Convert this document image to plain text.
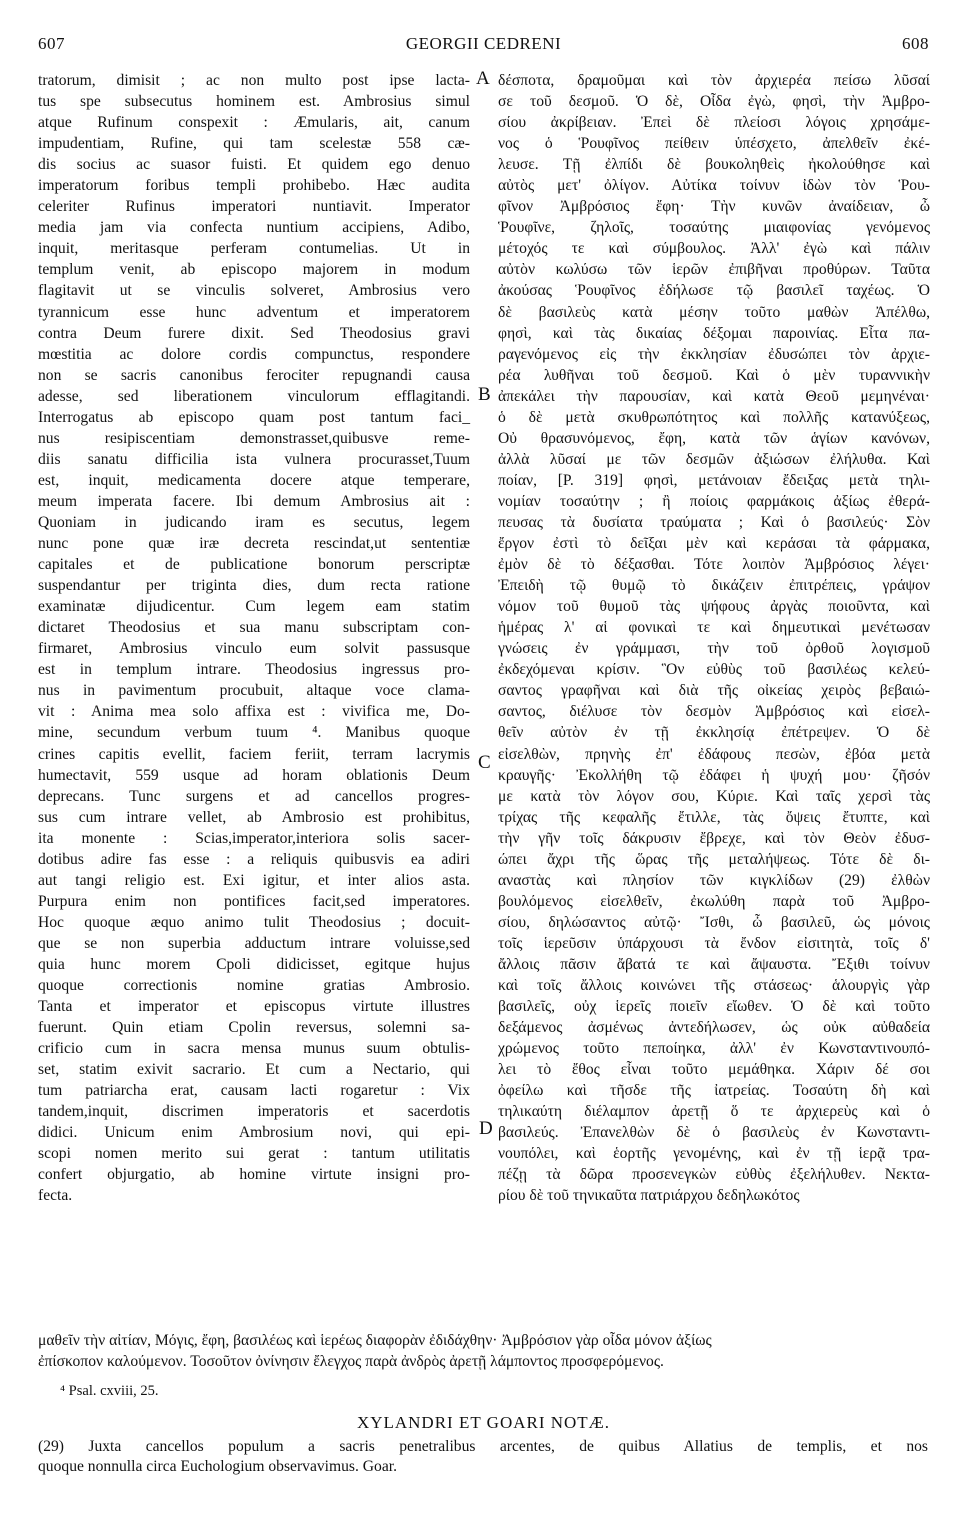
607	GEORGII CEDRENI	608
tratorum, dimisit ; ac non multo post ipse lacta-
tus spe subsecutus hominem est. Ambrosius simul
atque Rufinum conspexit : Æmularis, ait, canum
impudentiam, Rufine, qui tam scelestæ 558 cæ-
dis socius ac suasor fuisti. Et quidem ego denuo
imperatorum foribus templi prohibebo. Hæc audita
celeriter Rufinus imperatori nuntiavit. Imperator
media jam via confecta nuntium accipiens, Adibo,
inquit, meritasque perferam contumelias. Ut in
templum venit, ab episcopo majorem in modum
flagitavit ut se vinculis solveret, Ambrosius vero
tyrannicum esse hunc adventum et imperatorem
contra Deum furere dixit. Sed Theodosius gravi
mœstitia ac dolore cordis compunctus, respondere
non se sacris canonibus ferociter repugnandi causa
adesse, sed liberationem vinculorum efflagitandi.
Interrogatus ab episcopo quam post tantum faci_
nus resipiscentiam demonstrasset,quibusve reme-
diis sanatu difficilia ista vulnera procurasset,Tuum
est, inquit, medicamenta docere atque temperare,
meum imperata facere. Ibi demum Ambrosius ait :
Quoniam in judicando iram es secutus, legem
nunc pone quæ iræ decreta rescindat,ut sententiæ
capitales et de publicatione bonorum perscriptæ
suspendantur per triginta dies, dum recta ratione
examinatæ dijudicentur. Cum legem eam statim
dictaret Theodosius et sua manu subscriptam con-
firmaret, Ambrosius vinculo eum solvit passusque
est in templum intrare. Theodosius ingressus pro-
nus in pavimentum procubuit, altaque voce clama-
vit : Anima mea solo affixa est : vivifica me, Do-
mine, secundum verbum tuum ⁴. Manibus quoque
crines capitis evellit, faciem feriit, terram lacrymis
humectavit, 559 usque ad horam oblationis Deum
deprecans. Tunc surgens et ad cancellos progres-
sus cum intrare vellet, ab Ambrosio est prohibitus,
ita monente : Scias,imperator,interiora solis sacer-
dotibus adire fas esse : a reliquis quibusvis ea adiri
aut tangi religio est. Exi igitur, et inter alios asta.
Purpura enim non pontifices facit,sed imperatores.
Hoc quoque æquo animo tulit Theodosius ; docuit-
que se non superbia adductum intrare voluisse,sed
quia hunc morem Cpoli didicisset, egitque hujus
quoque correctionis nomine gratias Ambrosio.
Tanta et imperator et episcopus virtute illustres
fuerunt. Quin etiam Cpolin reversus, solemni sa-
crificio cum in sacra mensa munus suum obtulis-
set, statim exivit sacrario. Et cum a Nectario, qui
tum patriarcha erat, causam lacti rogaretur : Vix
tandem,inquit, discrimen imperatoris et sacerdotis
didici. Unicum enim Ambrosium novi, qui epi-
scopi nomen merito sui gerat : tantum utilitatis
confert objurgatio, ab homine virtute insigni pro-
fecta.
δέσποτα, δραμοῦμαι καὶ τὸν ἀρχιερέα πείσω λῦσαί
σε τοῦ δεσμοῦ. Ὁ δὲ, Οἶδα ἐγὼ, φησὶ, τὴν Ἀμβρο-
σίου ἀκρίβειαν. Ἐπεὶ δὲ πλείοσι λόγοις χρησάμε-
νος ὁ Ῥουφῖνος πείθειν ὑπέσχετο, ἀπελθεῖν ἐκέ-
λευσε. Τῇ ἐλπίδι δὲ βουκοληθεὶς ἠκολούθησε καὶ
αὐτὸς μετ' ὀλίγον. Αὐτίκα τοίνυν ἰδὼν τὸν Ῥου-
φῖνον Ἀμβρόσιος ἔφη· Τὴν κυνῶν ἀναίδειαν, ὦ
Ῥουφῖνε, ζηλοῖς, τοσαύτης μιαιφονίας γενόμενος
μέτοχός τε καὶ σύμβουλος. Ἀλλ' ἐγὼ καὶ πάλιν
αὐτὸν κωλύσω τῶν ἱερῶν ἐπιβῆναι προθύρων. Ταῦτα
ἀκούσας Ῥουφῖνος ἐδήλωσε τῷ βασιλεῖ ταχέως. Ὁ
δὲ βασιλεὺς κατὰ μέσην τοῦτο μαθὼν Ἀπέλθω,
φησὶ, καὶ τὰς δικαίας δέξομαι παροινίας. Εἶτα πα-
ραγενόμενος εἰς τὴν ἐκκλησίαν ἐδυσώπει τὸν ἀρχιε-
ρέα λυθῆναι τοῦ δεσμοῦ. Καὶ ὁ μὲν τυραννικὴν
ἀπεκάλει τὴν παρουσίαν, καὶ κατὰ Θεοῦ μεμηνέναι·
ὁ δὲ μετὰ σκυθρωπότητος καὶ πολλῆς κατανύξεως,
Οὐ θρασυνόμενος, ἔφη, κατὰ τῶν ἁγίων κανόνων,
ἀλλὰ λῦσαί με τῶν δεσμῶν ἀξιώσων ἐλήλυθα. Καὶ
ποίαν, [P. 319] φησὶ, μετάνοιαν ἔδειξας μετὰ τηλι-
νομίαν τοσαύτην ; ἢ ποίοις φαρμάκοις ἀξίως ἐθερά-
πευσας τὰ δυσίατα τραύματα ; Καὶ ὁ βασιλεύς· Σὸν
ἔργον ἐστὶ τὸ δεῖξαι μὲν καὶ κεράσαι τὰ φάρμακα,
ἐμὸν δὲ τὸ δέξασθαι. Τότε λοιπὸν Ἀμβρόσιος λέγει·
Ἐπειδὴ τῷ θυμῷ τὸ δικάζειν ἐπιτρέπεις, γράψον
νόμον τοῦ θυμοῦ τὰς ψήφους ἀργὰς ποιοῦντα, καὶ
ἡμέρας λ' αἱ φονικαὶ τε καὶ δημευτικαὶ μενέτωσαν
γνώσεις ἐν γράμμασι, τὴν τοῦ ὀρθοῦ λογισμοῦ
ἐκδεχόμεναι κρίσιν. Ὃν εὐθὺς τοῦ βασιλέως κελεύ-
σαντος γραφῆναι καὶ διὰ τῆς οἰκείας χειρὸς βεβαιώ-
σαντος, διέλυσε τὸν δεσμὸν Ἀμβρόσιος καὶ εἰσελ-
θεῖν αὐτὸν ἐν τῇ ἐκκλησίᾳ ἐπέτρεψεν. Ὁ δὲ
εἰσελθὼν, πρηνὴς ἐπ' ἐδάφους πεσὼν, ἐβόα μετὰ
κραυγῆς· Ἐκολλήθη τῷ ἐδάφει ἡ ψυχή μου· ζῆσόν
με κατὰ τὸν λόγον σου, Κύριε. Καὶ ταῖς χερσὶ τὰς
τρίχας τῆς κεφαλῆς ἔτιλλε, τὰς ὄψεις ἔτυπτε, καὶ
τὴν γῆν τοῖς δάκρυσιν ἔβρεχε, καὶ τὸν Θεὸν ἐδυσ-
ώπει ἄχρι τῆς ὥρας τῆς μεταλήψεως. Τότε δὲ δι-
αναστὰς καὶ πλησίον τῶν κιγκλίδων (29) ἐλθὼν
βουλόμενος εἰσελθεῖν, ἐκωλύθη παρὰ τοῦ Ἀμβρο-
σίου, δηλώσαντος αὐτῷ· Ἴσθι, ὦ βασιλεῦ, ὡς μόνοις
τοῖς ἱερεῦσιν ὑπάρχουσι τὰ ἔνδον εἰσιτητὰ, τοῖς δ'
ἄλλοις πᾶσιν ἄβατά τε καὶ ἄψαυστα. Ἔξιθι τοίνυν
καὶ τοῖς ἄλλοις κοινώνει τῆς στάσεως· ἁλουργὶς γὰρ
βασιλεῖς, οὐχ ἱερεῖς ποιεῖν εἴωθεν. Ὁ δὲ καὶ τοῦτο
δεξάμενος ἀσμένως ἀντεδήλωσεν, ὡς οὐκ αὐθαδεία
χρώμενος τοῦτο πεποίηκα, ἀλλ' ἐν Κωνσταντινουπό-
λει τὸ ἔθος εἶναι τοῦτο μεμάθηκα. Χάριν δέ σοι
ὀφείλω καὶ τῆσδε τῆς ἰατρείας. Τοσαύτη δὴ καὶ
τηλικαύτη διέλαμπον ἀρετῇ ὅ τε ἀρχιερεὺς καὶ ὁ
βασιλεύς. Ἐπανελθὼν δὲ ὁ βασιλεὺς ἐν Κωνσταντι-
νουπόλει, καὶ ἑορτῆς γενομένης, καὶ ἐν τῇ ἱερᾷ τρα-
πέζῃ τὰ δῶρα προσενεγκὼν εὐθὺς ἐξελήλυθεν. Νεκτα-
ρίου δὲ τοῦ τηνικαῦτα πατριάρχου δεδηλωκότος
A
B
C
D
μαθεῖν τὴν αἰτίαν, Μόγις, ἔφη, βασιλέως καὶ ἱερέως διαφορὰν ἐδιδάχθην· Ἀμβρόσιον γὰρ οἶδα μόνον ἀξίως
ἐπίσκοπον καλούμενον. Τοσοῦτον ὀνίνησιν ἔλεγχος παρὰ ἀνδρὸς ἀρετῇ λάμποντος προσφερόμενος.
⁴ Psal. cxviii, 25.
XYLANDRI ET GOARI NOTÆ.
(29) Juxta cancellos populum a sacris penetralibus arcentes, de quibus Allatius de templis, et nos
quoque nonnulla circa Euchologium observavimus. Goar.
